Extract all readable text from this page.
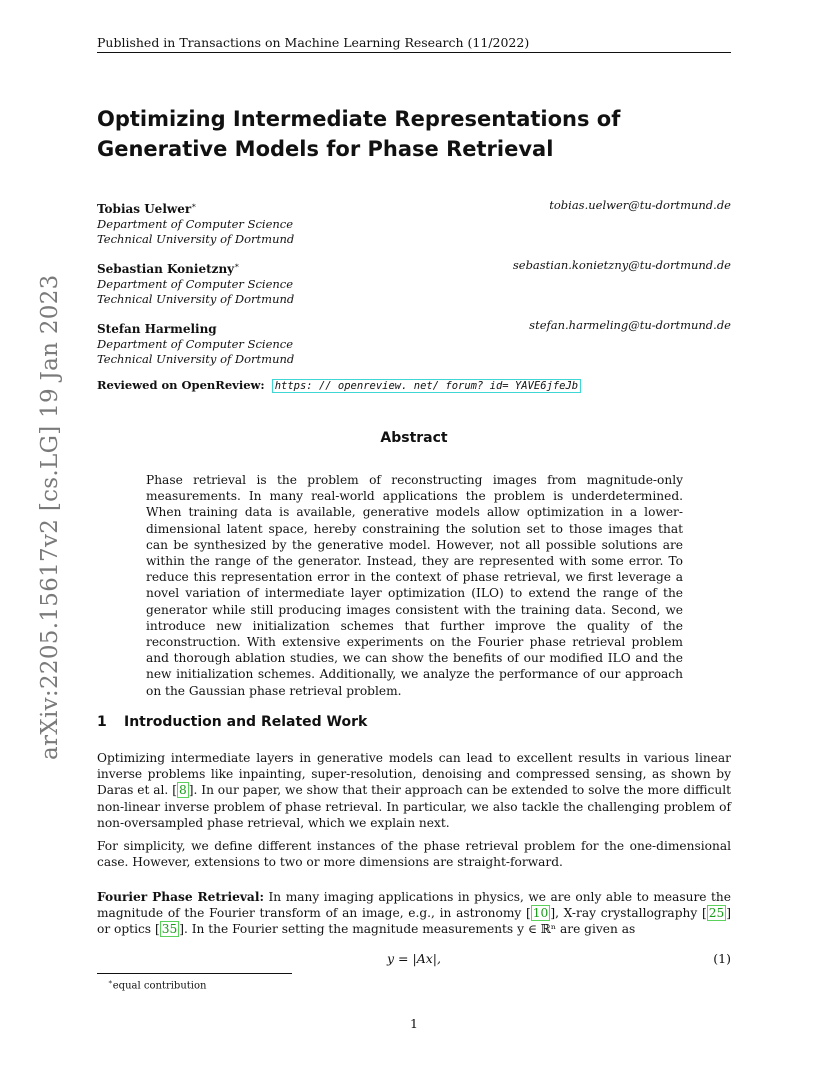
Published in Transactions on Machine Learning Research (11/2022)
Optimizing Intermediate Representations of Generative Models for Phase Retrieval
Tobias Uelwer∗	tobias.uelwer@tu-dortmund.de
Department of Computer Science
Technical University of Dortmund
Sebastian Konietzny∗	sebastian.konietzny@tu-dortmund.de
Department of Computer Science
Technical University of Dortmund
Stefan Harmeling	stefan.harmeling@tu-dortmund.de
Department of Computer Science
Technical University of Dortmund
Reviewed on OpenReview: https: // openreview. net/ forum? id= YAVE6jfeJb
Abstract

Phase retrieval is the problem of reconstructing images from magnitude-only measurements. In many real-world applications the problem is underdetermined. When training data is available, generative models allow optimization in a lower-dimensional latent space, hereby constraining the solution set to those images that can be synthesized by the generative model. However, not all possible solutions are within the range of the generator. Instead, they are represented with some error. To reduce this representation error in the context of phase retrieval, we first leverage a novel variation of intermediate layer optimization (ILO) to extend the range of the generator while still producing images consistent with the training data. Second, we introduce new initialization schemes that further improve the quality of the reconstruction. With extensive experiments on the Fourier phase retrieval problem and thorough ablation studies, we can show the benefits of our modified ILO and the new initialization schemes. Additionally, we analyze the performance of our approach on the Gaussian phase retrieval problem.

1 Introduction and Related Work

Optimizing intermediate layers in generative models can lead to excellent results in various linear inverse problems like inpainting, super-resolution, denoising and compressed sensing, as shown by Daras et al. [ 8 ]. In our paper, we show that their approach can be extended to solve the more difficult non-linear inverse problem of phase retrieval. In particular, we also tackle the challenging problem of non-oversampled phase retrieval, which we explain next.

For simplicity, we define different instances of the phase retrieval problem for the one-dimensional case. However, extensions to two or more dimensions are straight-forward.

Fourier Phase Retrieval: In many imaging applications in physics, we are only able to measure the magnitude of the Fourier transform of an image, e.g., in astronomy [ 10 ], X-ray crystallography [ 25 ] or optics [ 35 ]. In the Fourier setting the magnitude measurements y ∈ ℝⁿ are given as

y = |Ax|,	(1)
∗equal contribution
1
arXiv:2205.15617v2 [cs.LG] 19 Jan 2023
